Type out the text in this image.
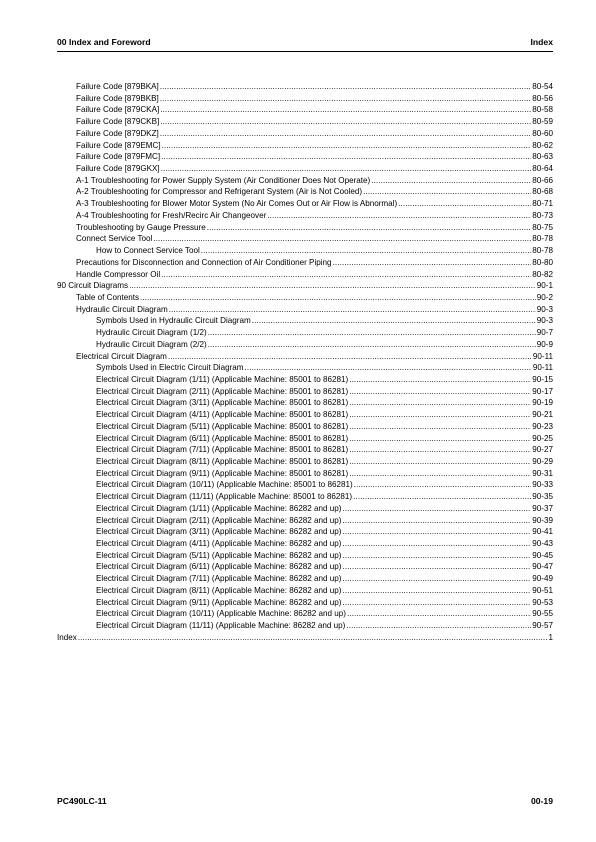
00 Index and Foreword	Index
Failure Code [879BKA] .....	80-54
Failure Code [879BKB] .....	80-56
Failure Code [879CKA] .....	80-58
Failure Code [879CKB] .....	80-59
Failure Code [879DKZ] .....	80-60
Failure Code [879EMC] .....	80-62
Failure Code [879FMC] .....	80-63
Failure Code [879GKX] .....	80-64
A-1 Troubleshooting for Power Supply System (Air Conditioner Does Not Operate) .....	80-66
A-2 Troubleshooting for Compressor and Refrigerant System (Air is Not Cooled) .....	80-68
A-3 Troubleshooting for Blower Motor System (No Air Comes Out or Air Flow is Abnormal) .....	80-71
A-4 Troubleshooting for Fresh/Recirc Air Changeover .....	80-73
Troubleshooting by Gauge Pressure .....	80-75
Connect Service Tool .....	80-78
How to Connect Service Tool .....	80-78
Precautions for Disconnection and Connection of Air Conditioner Piping .....	80-80
Handle Compressor Oil .....	80-82
90 Circuit Diagrams .....	90-1
Table of Contents .....	90-2
Hydraulic Circuit Diagram .....	90-3
Symbols Used in Hydraulic Circuit Diagram .....	90-3
Hydraulic Circuit Diagram (1/2) .....	90-7
Hydraulic Circuit Diagram (2/2) .....	90-9
Electrical Circuit Diagram .....	90-11
Symbols Used in Electric Circuit Diagram .....	90-11
Electrical Circuit Diagram (1/11) (Applicable Machine: 85001 to 86281) .....	90-15
Electrical Circuit Diagram (2/11) (Applicable Machine: 85001 to 86281) .....	90-17
Electrical Circuit Diagram (3/11) (Applicable Machine: 85001 to 86281) .....	90-19
Electrical Circuit Diagram (4/11) (Applicable Machine: 85001 to 86281) .....	90-21
Electrical Circuit Diagram (5/11) (Applicable Machine: 85001 to 86281) .....	90-23
Electrical Circuit Diagram (6/11) (Applicable Machine: 85001 to 86281) .....	90-25
Electrical Circuit Diagram (7/11) (Applicable Machine: 85001 to 86281) .....	90-27
Electrical Circuit Diagram (8/11) (Applicable Machine: 85001 to 86281) .....	90-29
Electrical Circuit Diagram (9/11) (Applicable Machine: 85001 to 86281) .....	90-31
Electrical Circuit Diagram (10/11) (Applicable Machine: 85001 to 86281) .....	90-33
Electrical Circuit Diagram (11/11) (Applicable Machine: 85001 to 86281) .....	90-35
Electrical Circuit Diagram (1/11) (Applicable Machine: 86282 and up) .....	90-37
Electrical Circuit Diagram (2/11) (Applicable Machine: 86282 and up) .....	90-39
Electrical Circuit Diagram (3/11) (Applicable Machine: 86282 and up) .....	90-41
Electrical Circuit Diagram (4/11) (Applicable Machine: 86282 and up) .....	90-43
Electrical Circuit Diagram (5/11) (Applicable Machine: 86282 and up) .....	90-45
Electrical Circuit Diagram (6/11) (Applicable Machine: 86282 and up) .....	90-47
Electrical Circuit Diagram (7/11) (Applicable Machine: 86282 and up) .....	90-49
Electrical Circuit Diagram (8/11) (Applicable Machine: 86282 and up) .....	90-51
Electrical Circuit Diagram (9/11) (Applicable Machine: 86282 and up) .....	90-53
Electrical Circuit Diagram (10/11) (Applicable Machine: 86282 and up) .....	90-55
Electrical Circuit Diagram (11/11) (Applicable Machine: 86282 and up) .....	90-57
Index .....	1
PC490LC-11	00-19
